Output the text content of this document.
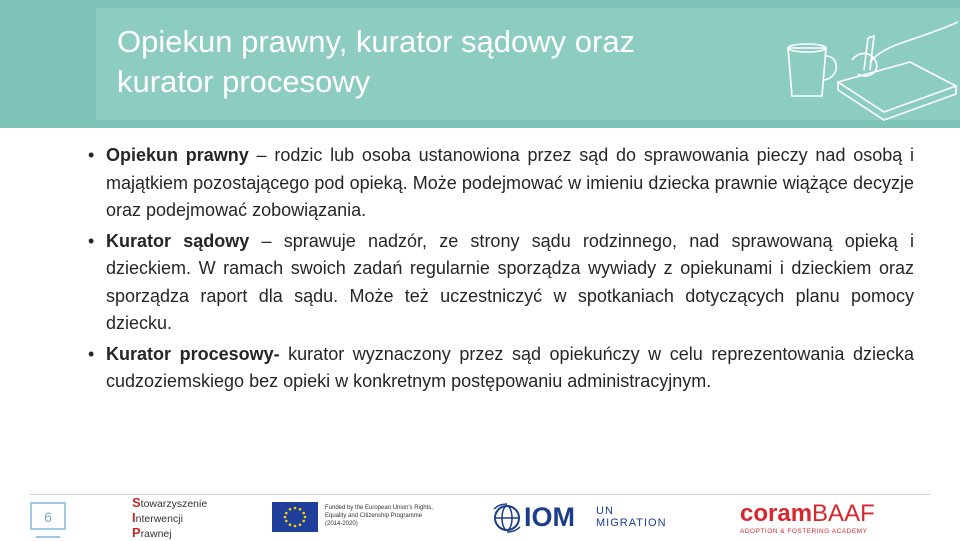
Opiekun prawny, kurator sądowy oraz
kurator procesowy
• Opiekun prawny – rodzic lub osoba ustanowiona przez sąd do sprawowania pieczy nad osobą i majątkiem pozostającego pod opieką. Może podejmować w imieniu dziecka prawnie wiążące decyzje oraz podejmować zobowiązania.
• Kurator sądowy – sprawuje nadzór, ze strony sądu rodzinnego, nad sprawowaną opieką i dzieckiem. W ramach swoich zadań regularnie sporządza wywiady z opiekunami i dzieckiem oraz sporządza raport dla sądu. Może też uczestniczyć w spotkaniach dotyczących planu pomocy dziecku.
• Kurator procesowy- kurator wyznaczony przez sąd opiekuńczy w celu reprezentowania dziecka cudzoziemskiego bez opieki w konkretnym postępowaniu administracyjnym.
6
Stowarzyszenie
Interwencji
Prawnej
Funded by the European Union's Rights, Equality and Citizenship Programme (2014-2020)	IOM UN
MIGRATION	coramBAAF
ADOPTION & FOSTERING ACADEMY
